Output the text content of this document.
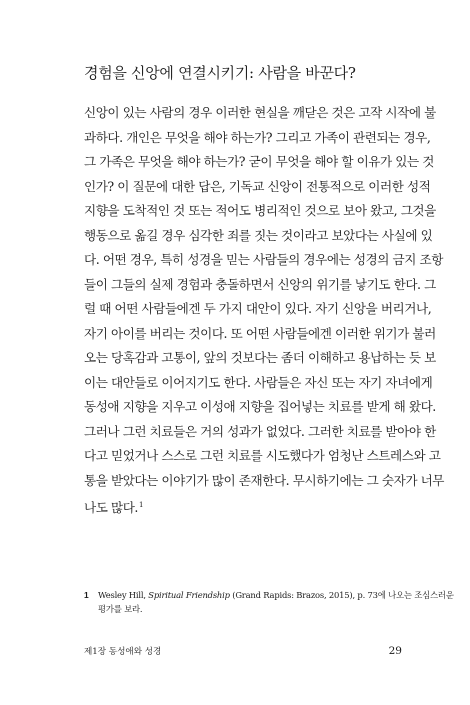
경험을 신앙에 연결시키기: 사람을 바꾼다?
신앙이 있는 사람의 경우 이러한 현실을 깨닫은 것은 고작 시작에 불
과하다. 개인은 무엇을 해야 하는가? 그리고 가족이 관련되는 경우,
그 가족은 무엇을 해야 하는가? 굳이 무엇을 해야 할 이유가 있는 것
인가? 이 질문에 대한 답은, 기독교 신앙이 전통적으로 이러한 성적
지향을 도착적인 것 또는 적어도 병리적인 것으로 보아 왔고, 그것을
행동으로 옮길 경우 심각한 죄를 짓는 것이라고 보았다는 사실에 있
다. 어떤 경우, 특히 성경을 믿는 사람들의 경우에는 성경의 금지 조항
들이 그들의 실제 경험과 충돌하면서 신앙의 위기를 낳기도 한다. 그
럴 때 어떤 사람들에겐 두 가지 대안이 있다. 자기 신앙을 버리거나,
자기 아이를 버리는 것이다. 또 어떤 사람들에겐 이러한 위기가 불러
오는 당혹감과 고통이, 앞의 것보다는 좀더 이해하고 용납하는 듯 보
이는 대안들로 이어지기도 한다. 사람들은 자신 또는 자기 자녀에게
동성애 지향을 지우고 이성애 지향을 집어넣는 치료를 받게 해 왔다.
그러나 그런 치료들은 거의 성과가 없었다. 그러한 치료를 받아야 한
다고 믿었거나 스스로 그런 치료를 시도했다가 엄청난 스트레스와 고
통을 받았다는 이야기가 많이 존재한다. 무시하기에는 그 숫자가 너무
나도 많다.$^1$
1 Wesley Hill, Spiritual Friendship (Grand Rapids: Brazos, 2015), p. 73에 나오는 조심스러운
평가를 보라.
제1장 동성애와 성경	29
